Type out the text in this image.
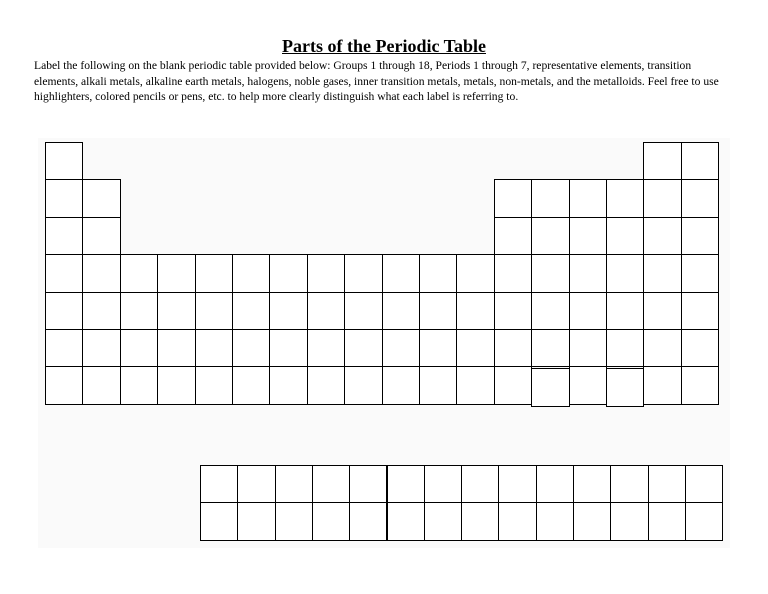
Parts of the Periodic Table

Label the following on the blank periodic table provided below: Groups 1 through 18, Periods 1 through 7, representative elements, transition elements, alkali metals, alkaline earth metals, halogens, noble gases, inner transition metals, metals, non-metals, and the metalloids. Feel free to use highlighters, colored pencils or pens, etc. to help more clearly distinguish what each label is referring to.
